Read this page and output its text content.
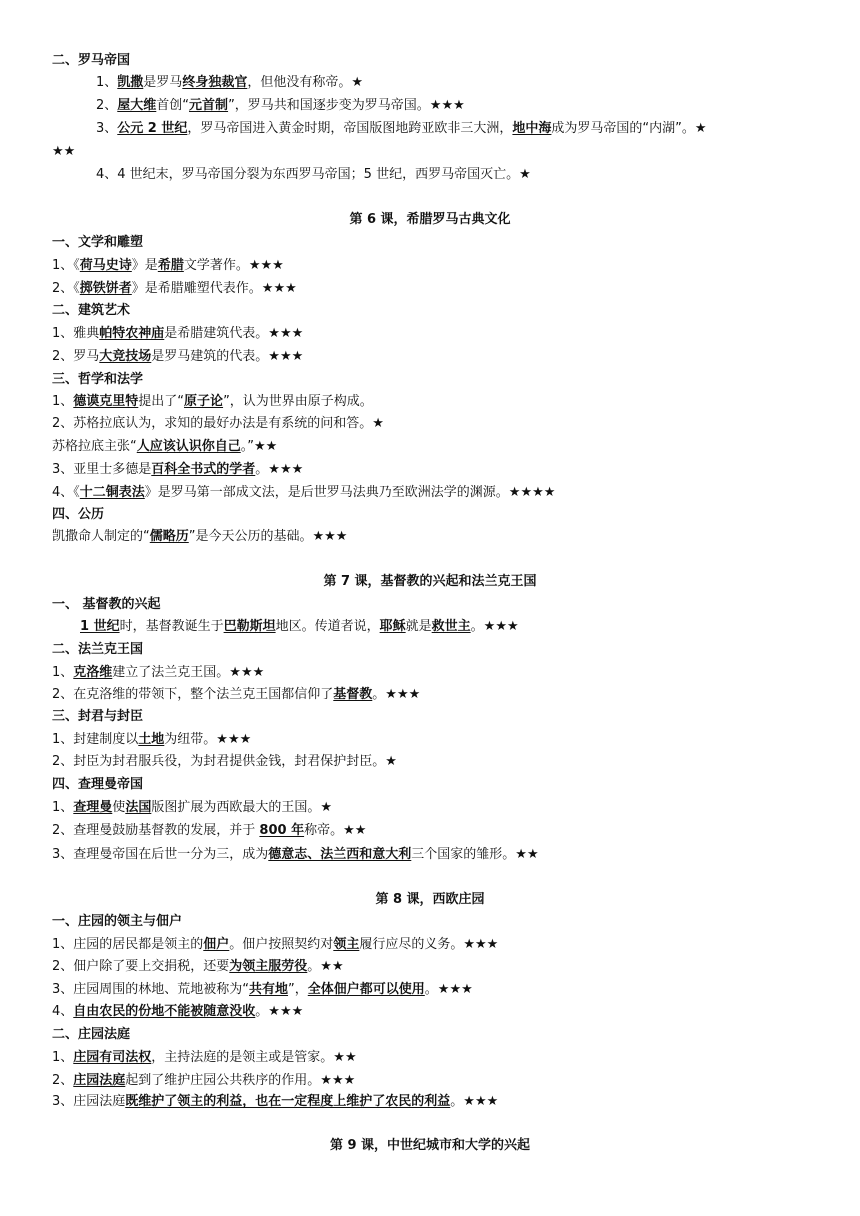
二、罗马帝国
1、凯撒是罗马终身独裁官，但他没有称帝。★
2、屋大维首创“元首制”，罗马共和国逐步变为罗马帝国。★★★
3、公元 2 世纪，罗马帝国进入黄金时期，帝国版图地跨亚欧非三大洲，地中海成为罗马帝国的“内湖”。★
★★
4、4 世纪末，罗马帝国分裂为东西罗马帝国；5 世纪，西罗马帝国灭亡。★
第 6 课，希腊罗马古典文化
一、文学和雕塑
1、《荷马史诗》是希腊文学著作。★★★
2、《掷铁饼者》是希腊雕塑代表作。★★★
二、建筑艺术
1、雅典帕特农神庙是希腊建筑代表。★★★
2、罗马大竞技场是罗马建筑的代表。★★★
三、哲学和法学
1、德谟克里特提出了“原子论”，认为世界由原子构成。
2、苏格拉底认为，求知的最好办法是有系统的问和答。★
苏格拉底主张“人应该认识你自己。”★★
3、亚里士多德是百科全书式的学者。★★★
4、《十二铜表法》是罗马第一部成文法，是后世罗马法典乃至欧洲法学的渊源。★★★★
四、公历
凯撒命人制定的“儒略历”是今天公历的基础。★★★
第 7 课，基督教的兴起和法兰克王国
一、 基督教的兴起
1 世纪时，基督教诞生于巴勒斯坦地区。传道者说，耶稣就是救世主。★★★
二、法兰克王国
1、克洛维建立了法兰克王国。★★★
2、在克洛维的带领下，整个法兰克王国都信仰了基督教。★★★
三、封君与封臣
1、封建制度以土地为纽带。★★★
2、封臣为封君服兵役，为封君提供金钱，封君保护封臣。★
四、查理曼帝国
1、查理曼使法国版图扩展为西欧最大的王国。★
2、查理曼鼓励基督教的发展，并于 800 年称帝。★★
3、查理曼帝国在后世一分为三，成为德意志、法兰西和意大利三个国家的雏形。★★
第 8 课，西欧庄园
一、庄园的领主与佃户
1、庄园的居民都是领主的佃户。佃户按照契约对领主履行应尽的义务。★★★
2、佃户除了要上交捐税，还要为领主服劳役。★★
3、庄园周围的林地、荒地被称为“共有地”，全体佃户都可以使用。★★★
4、自由农民的份地不能被随意没收。★★★
二、庄园法庭
1、庄园有司法权，主持法庭的是领主或是管家。★★
2、庄园法庭起到了维护庄园公共秩序的作用。★★★
3、庄园法庭既维护了领主的利益，也在一定程度上维护了农民的利益。★★★
第 9 课，中世纪城市和大学的兴起
